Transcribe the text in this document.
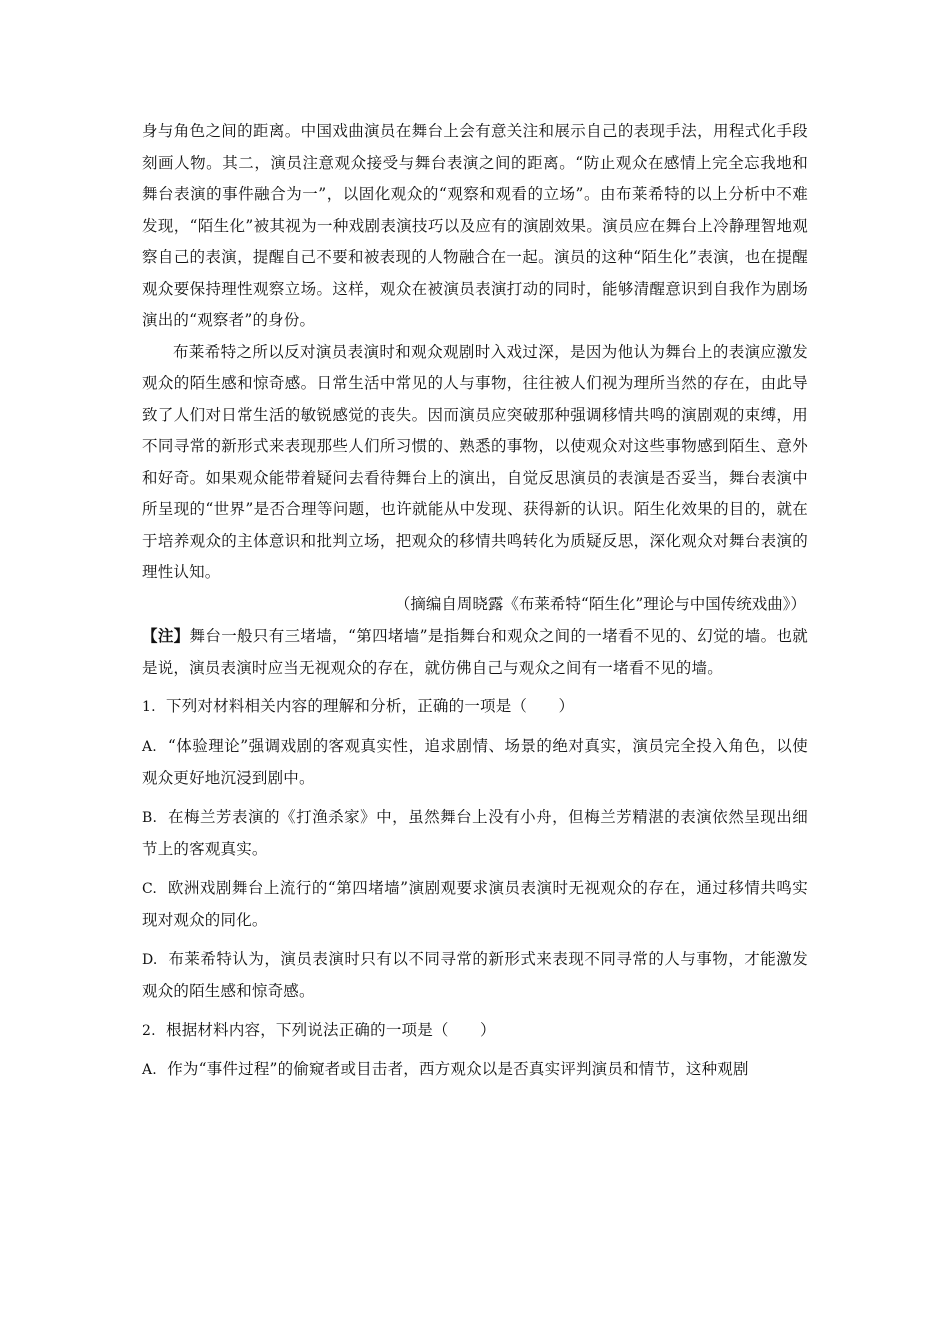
身与角色之间的距离。中国戏曲演员在舞台上会有意关注和展示自己的表现手法，用程式化手段刻画人物。其二，演员注意观众接受与舞台表演之间的距离。“防止观众在感情上完全忘我地和舞台表演的事件融合为一”，以固化观众的“观察和观看的立场”。由布莱希特的以上分析中不难发现，“陌生化”被其视为一种戏剧表演技巧以及应有的演剧效果。演员应在舞台上冷静理智地观察自己的表演，提醒自己不要和被表现的人物融合在一起。演员的这种“陌生化”表演，也在提醒观众要保持理性观察立场。这样，观众在被演员表演打动的同时，能够清醒意识到自我作为剧场演出的“观察者”的身份。

布莱希特之所以反对演员表演时和观众观剧时入戏过深，是因为他认为舞台上的表演应激发观众的陌生感和惊奇感。日常生活中常见的人与事物，往往被人们视为理所当然的存在，由此导致了人们对日常生活的敏锐感觉的丧失。因而演员应突破那种强调移情共鸣的演剧观的束缚，用不同寻常的新形式来表现那些人们所习惯的、熟悉的事物，以使观众对这些事物感到陌生、意外和好奇。如果观众能带着疑问去看待舞台上的演出，自觉反思演员的表演是否妥当，舞台表演中所呈现的“世界”是否合理等问题，也许就能从中发现、获得新的认识。陌生化效果的目的，就在于培养观众的主体意识和批判立场，把观众的移情共鸣转化为质疑反思，深化观众对舞台表演的理性认知。

（摘编自周晓露《布莱希特“陌生化”理论与中国传统戏曲》）

【注】舞台一般只有三堵墙，“第四堵墙”是指舞台和观众之间的一堵看不见的、幻觉的墙。也就是说，演员表演时应当无视观众的存在，就仿佛自己与观众之间有一堵看不见的墙。

1. 下列对材料相关内容的理解和分析，正确的一项是（　　）

A. “体验理论”强调戏剧的客观真实性，追求剧情、场景的绝对真实，演员完全投入角色，以使观众更好地沉浸到剧中。

B. 在梅兰芳表演的《打渔杀家》中，虽然舞台上没有小舟，但梅兰芳精湛的表演依然呈现出细节上的客观真实。

C. 欧洲戏剧舞台上流行的“第四堵墙”演剧观要求演员表演时无视观众的存在，通过移情共鸣实现对观众的同化。

D. 布莱希特认为，演员表演时只有以不同寻常的新形式来表现不同寻常的人与事物，才能激发观众的陌生感和惊奇感。

2. 根据材料内容，下列说法正确的一项是（　　）

A. 作为“事件过程”的偷窥者或目击者，西方观众以是否真实评判演员和情节，这种观剧
